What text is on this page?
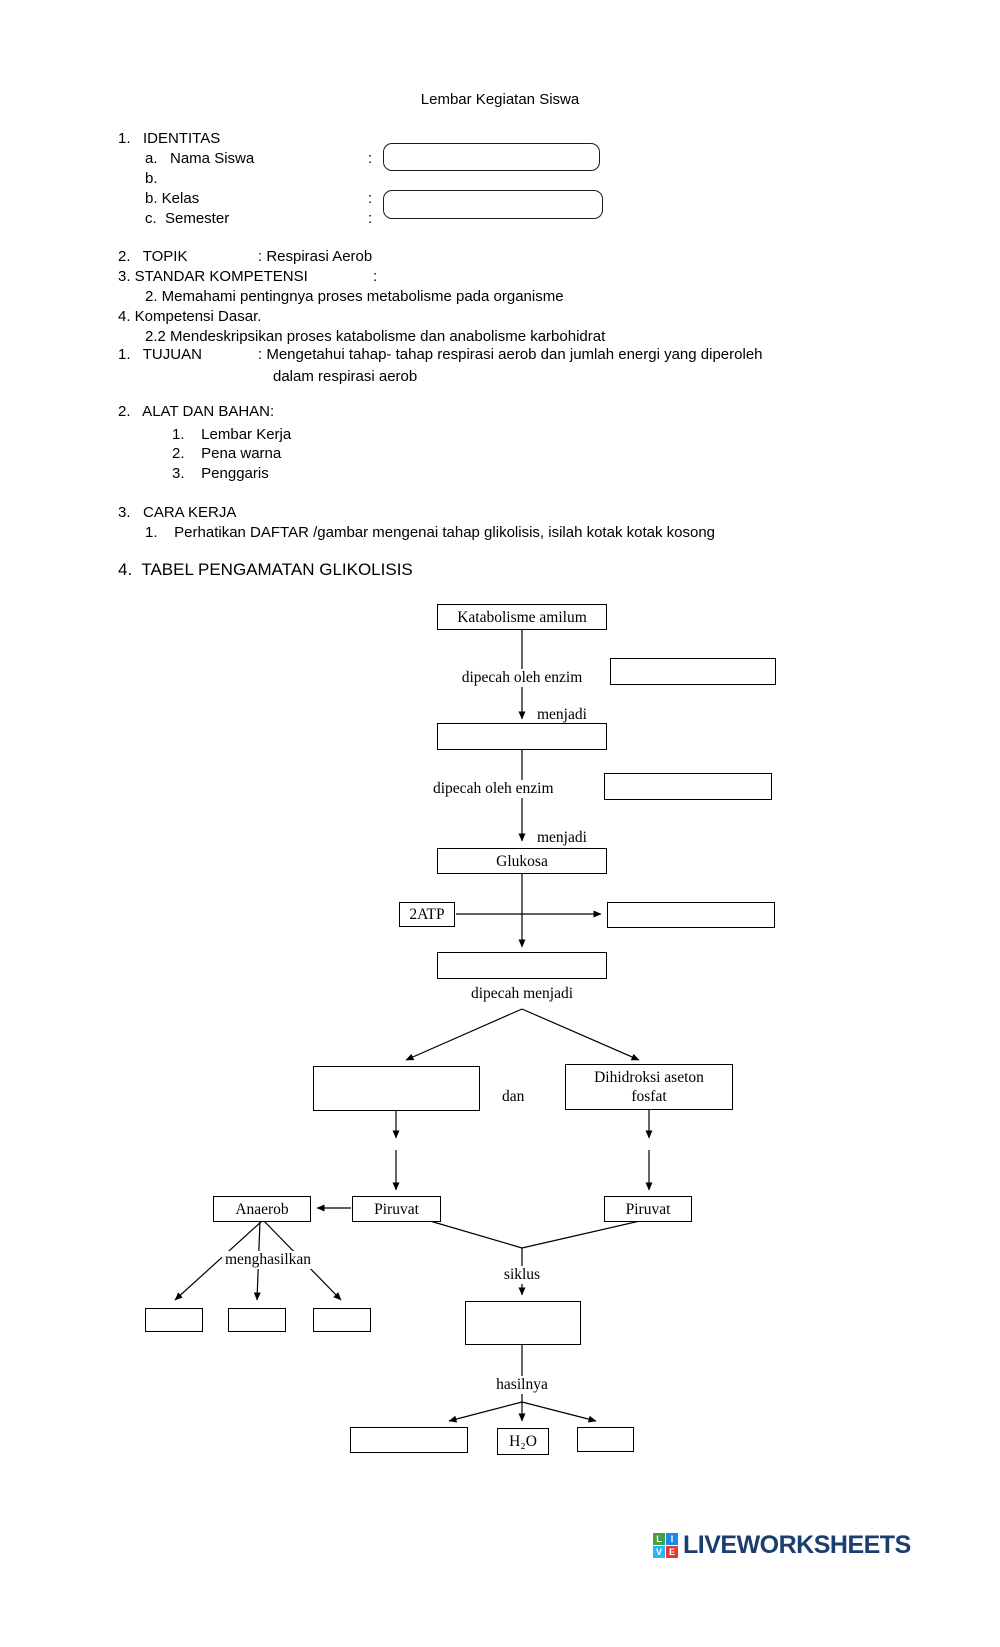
Lembar Kegiatan Siswa
1.   IDENTITAS
a.   Nama Siswa	:
b.
b. Kelas	:
c.  Semester	:
2.   TOPIK	: Respirasi Aerob
3. STANDAR KOMPETENSI	:
2. Memahami pentingnya proses metabolisme pada organisme
4. Kompetensi Dasar.
2.2 Mendeskripsikan proses katabolisme dan anabolisme karbohidrat
1.   TUJUAN	: Mengetahui tahap- tahap respirasi aerob dan jumlah energi yang diperoleh
dalam respirasi aerob
2.   ALAT DAN BAHAN:
1.    Lembar Kerja
2.    Pena warna
3.    Penggaris
3.   CARA KERJA
1.    Perhatikan DAFTAR /gambar mengenai tahap glikolisis, isilah kotak kotak kosong
4.  TABEL PENGAMATAN GLIKOLISIS
Katabolisme amilum
dipecah oleh enzim
menjadi
dipecah oleh enzim
menjadi
Glukosa
2ATP
dipecah menjadi
dan
Dihidroksi aseton
fosfat
Anaerob	Piruvat	Piruvat
menghasilkan
siklus
hasilnya
H₂O
L I
V E LIVEWORKSHEETS
